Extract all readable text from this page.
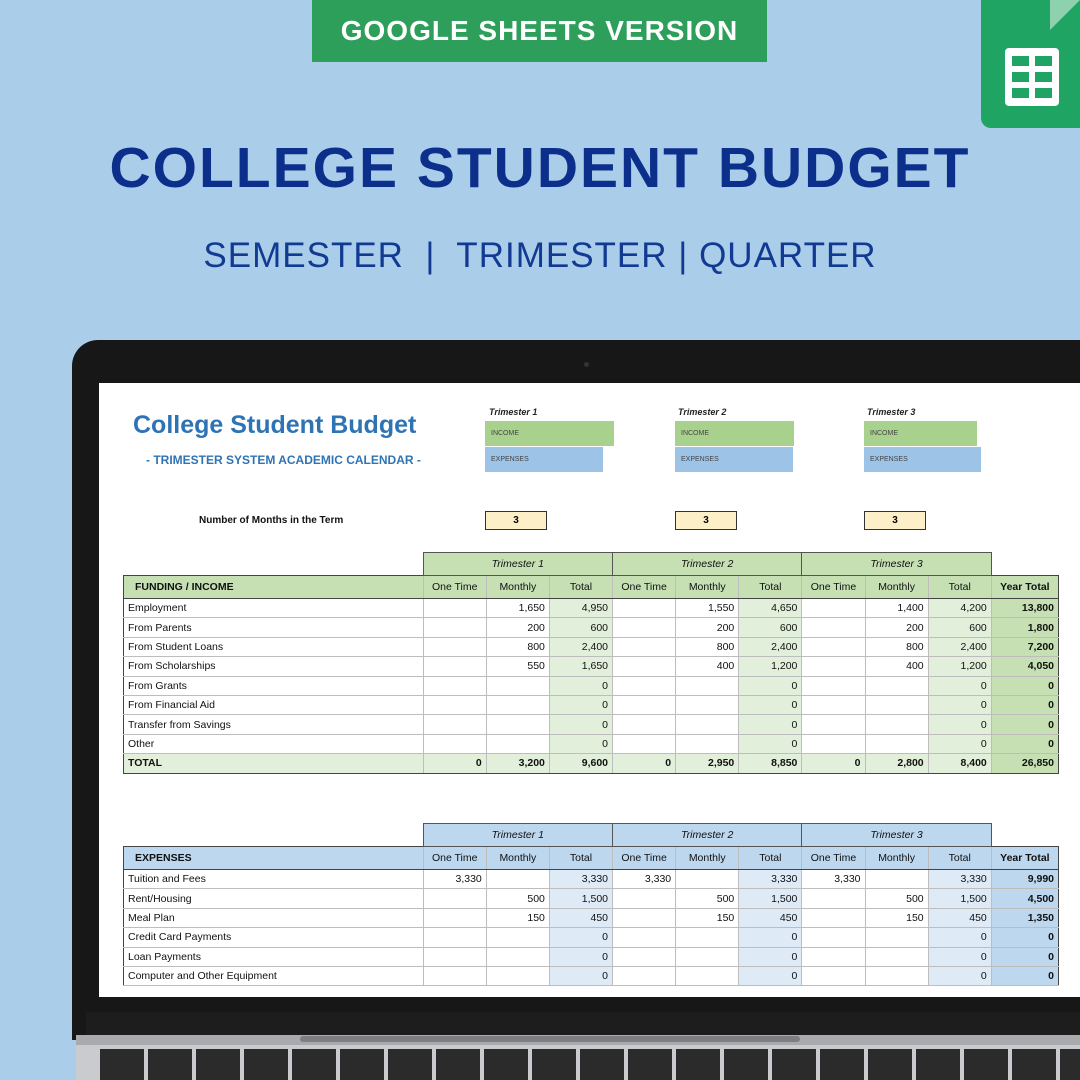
GOOGLE SHEETS VERSION
COLLEGE STUDENT BUDGET
SEMESTER  |  TRIMESTER | QUARTER
College Student Budget
- TRIMESTER SYSTEM ACADEMIC CALENDAR -
Trimester 1
INCOME
EXPENSES
Trimester 2
INCOME
EXPENSES
Trimester 3
INCOME
EXPENSES
Number of Months in the Term	3	3	3
	Trimester 1			Trimester 2			Trimester 3			
FUNDING / INCOME	One Time	Monthly	Total	One Time	Monthly	Total	One Time	Monthly	Total	Year Total
Employment		1,650	4,950		1,550	4,650		1,400	4,200	13,800
From Parents		200	600		200	600		200	600	1,800
From Student Loans		800	2,400		800	2,400		800	2,400	7,200
From Scholarships		550	1,650		400	1,200		400	1,200	4,050
From Grants			0			0			0	0
From Financial Aid			0			0			0	0
Transfer from Savings			0			0			0	0
Other			0			0			0	0
TOTAL	0	3,200	9,600	0	2,950	8,850	0	2,800	8,400	26,850
	Trimester 1			Trimester 2			Trimester 3			
EXPENSES	One Time	Monthly	Total	One Time	Monthly	Total	One Time	Monthly	Total	Year Total
Tuition and Fees	3,330		3,330	3,330		3,330	3,330		3,330	9,990
Rent/Housing		500	1,500		500	1,500		500	1,500	4,500
Meal Plan		150	450		150	450		150	450	1,350
Credit Card Payments			0			0			0	0
Loan Payments			0			0			0	0
Computer and Other Equipment			0			0			0	0
